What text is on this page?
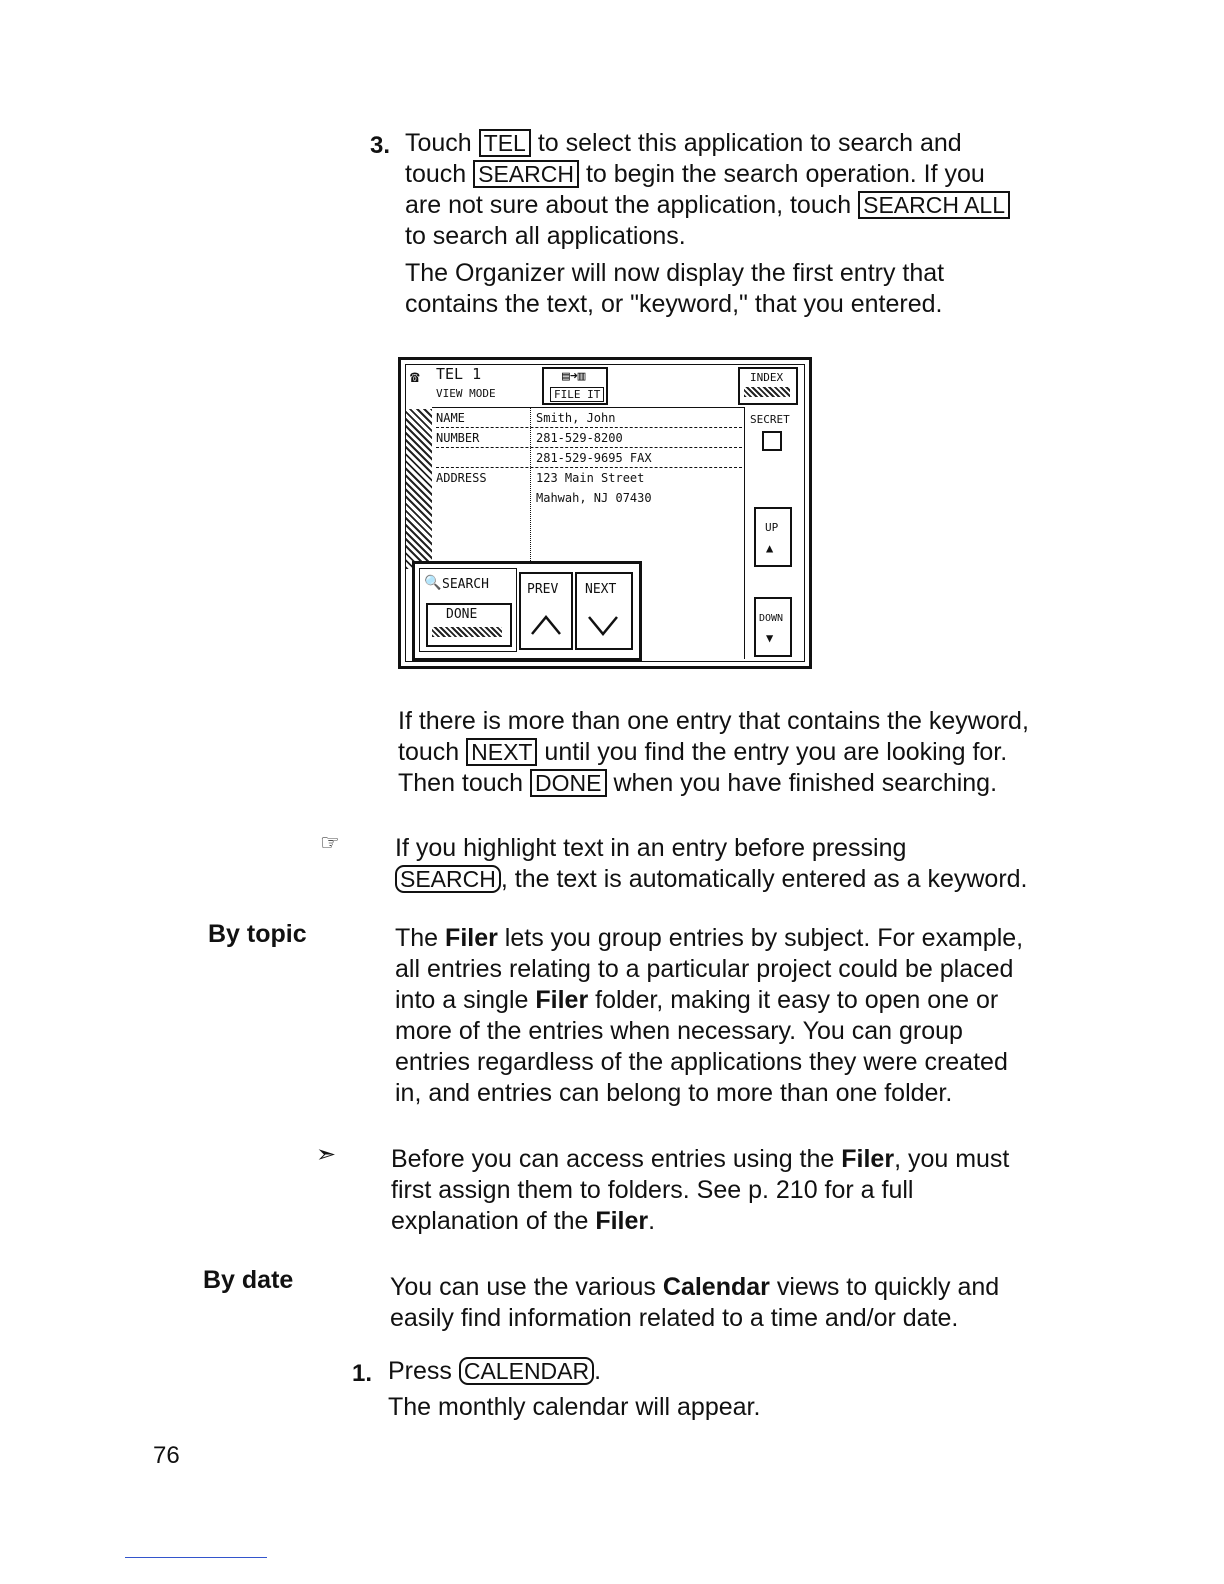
3. Touch TEL to select this application to search and

touch SEARCH to begin the search operation. If you

are not sure about the application, touch SEARCH ALL

to search all applications.

The Organizer will now display the first entry that

contains the text, or "keyword," that you entered.

☎ TEL 1
VIEW MODE
▤➜▥
FILE IT
INDEX
NAME	Smith, John
NUMBER	281-529-8200
281-529-9695 FAX
ADDRESS	123 Main Street
Mahwah, NJ 07430
SECRET
UP
▲
DOWN
▼
🔍 SEARCH
DONE
PREV NEXT

If there is more than one entry that contains the keyword,

touch NEXT until you find the entry you are looking for.

Then touch DONE when you have finished searching.

☞ If you highlight text in an entry before pressing

SEARCH , the text is automatically entered as a keyword.

By topic	The Filer lets you group entries by subject. For example,

all entries relating to a particular project could be placed

into a single Filer folder, making it easy to open one or

more of the entries when necessary. You can group

entries regardless of the applications they were created

in, and entries can belong to more than one folder.

➣ Before you can access entries using the Filer, you must

first assign them to folders. See p. 210 for a full

explanation of the Filer.

By date	You can use the various Calendar views to quickly and

easily find information related to a time and/or date.

1. Press CALENDAR .

The monthly calendar will appear.

76
